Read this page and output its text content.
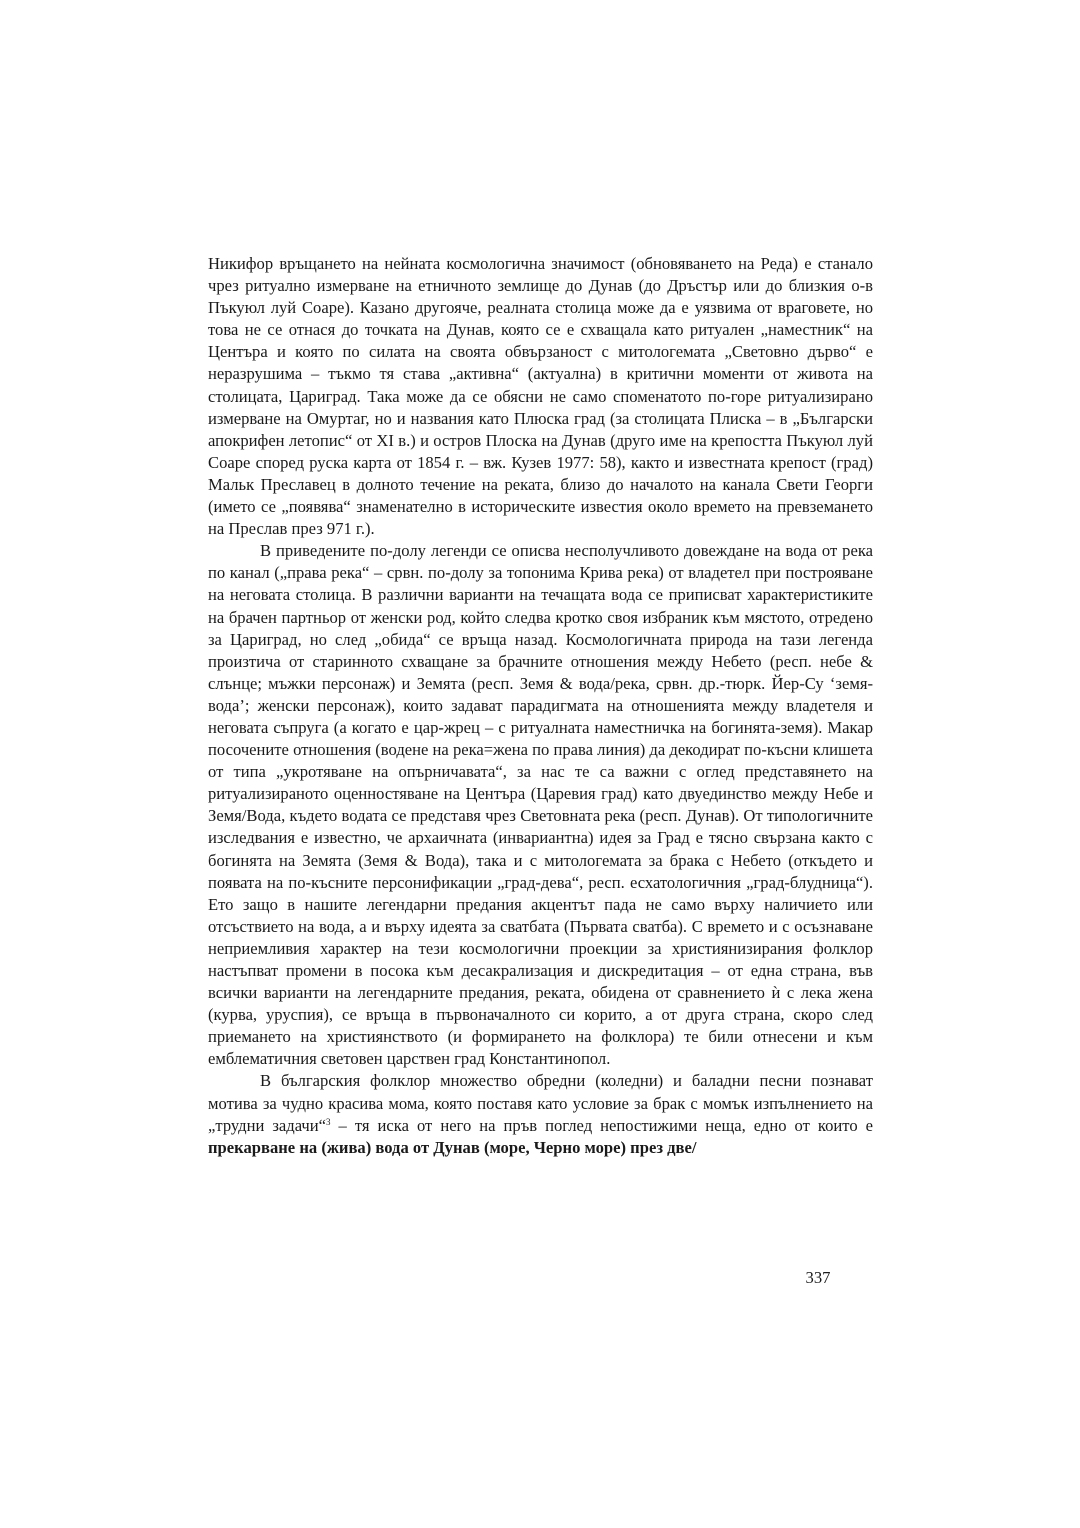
Никифор връщането на нейната космологична значимост (обновяването на Реда) е станало чрез ритуално измерване на етничното землище до Дунав (до Дръстър или до близкия о-в Пъкуюл луй Соаре). Казано другояче, реалната столица може да е уязвима от враговете, но това не се отнася до точката на Дунав, която се е схващала като ритуален „наместник“ на Центъра и която по силата на своята обвързаност с митологемата „Световно дърво“ е неразрушима – тъкмо тя става „активна“ (актуална) в критични моменти от живота на столицата, Цариград. Така може да се обясни не само споменатото по-горе ритуализирано измерване на Омуртаг, но и названия като Плюска град (за столицата Плиска – в „Български апокрифен летопис“ от XI в.) и остров Плоска на Дунав (друго име на крепостта Пъкуюл луй Соаре според руска карта от 1854 г. – вж. Кузев 1977: 58), както и известната крепост (град) Мальк Преславец в долното течение на реката, близо до началото на канала Свети Георги (името се „появява“ знаменателно в историческите известия около времето на превземането на Преслав през 971 г.).

В приведените по-долу легенди се описва несполучливото довеждане на вода от река по канал („права река“ – срвн. по-долу за топонима Крива река) от владетел при построяване на неговата столица. В различни варианти на течащата вода се приписват характеристиките на брачен партньор от женски род, който следва кротко своя избраник към мястото, отредено за Цариград, но след „обида“ се връща назад. Космологичната природа на тази легенда произтича от старинното схващане за брачните отношения между Небето (респ. небе & слънце; мъжки персонаж) и Земята (респ. Земя & вода/река, срвн. др.-тюрк. Йер-Су ‘земя-вода’; женски персонаж), които задават парадигмата на отношенията между владетеля и неговата съпруга (а когато е цар-жрец – с ритуалната наместничка на богинята-земя). Макар посочените отношения (водене на река=жена по права линия) да декодират по-късни клишета от типа „укротяване на опърничавата“, за нас те са важни с оглед представянето на ритуализираното оценностяване на Центъра (Царевия град) като двуединство между Небе и Земя/Вода, където водата се представя чрез Световната река (респ. Дунав). От типологичните изследвания е известно, че архаичната (инвариантна) идея за Град е тясно свързана както с богинята на Земята (Земя & Вода), така и с митологемата за брака с Небето (откъдето и появата на по-късните персонификации „град-дева“, респ. есхатологичния „град-блудница“). Ето защо в нашите легендарни предания акцентът пада не само върху наличието или отсъствието на вода, а и върху идеята за сватбата (Първата сватба). С времето и с осъзнаване неприемливия характер на тези космологични проекции за християнизирания фолклор настъпват промени в посока към десакрализация и дискредитация – от една страна, във всички варианти на легендарните предания, реката, обидена от сравнението ѝ с лека жена (курва, уруспия), се връща в първоначалното си корито, а от друга страна, скоро след приемането на християнството (и формирането на фолклора) те били отнесени и към емблематичния световен царствен град Константинопол.

В българския фолклор множество обредни (коледни) и баладни песни познават мотива за чудно красива мома, която поставя като условие за брак с момък изпълнението на „трудни задачи“$^3$ – тя иска от него на пръв поглед непостижими неща, едно от които е прекарване на (жива) вода от Дунав (море, Черно море) през две/

337
